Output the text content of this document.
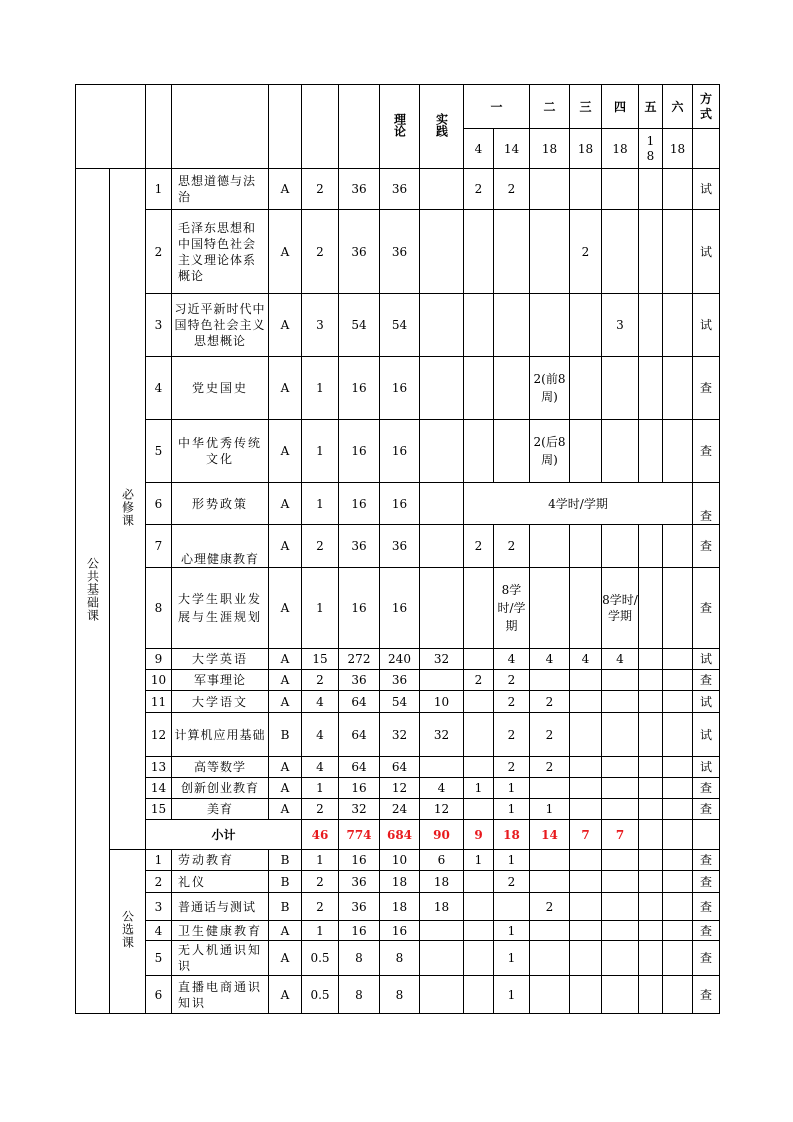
							理论	实践	一		二	三	四	五	六	方式
									4	14	18	18	18	18	18	
公共基础课	必修课	1	思想道德与法治	A	2	36	36		2	2						试
		2	毛泽东思想和中国特色社会主义理论体系概论	A	2	36	36					2				试
		3	习近平新时代中国特色社会主义思想概论	A	3	54	54						3			试
		4	党史国史	A	1	16	16				2(前8周)					查
		5	中华优秀传统文化	A	1	16	16				2(后8周)					查
		6	形势政策	A	1	16	16		4学时/学期							查
		7	心理健康教育	A	2	36	36		2	2						查
		8	大学生职业发展与生涯规划	A	1	16	16			8学时/学期			8学时/学期			查
		9	大学英语	A	15	272	240	32		4	4	4	4			试
		10	军事理论	A	2	36	36		2	2						查
		11	大学语文	A	4	64	54	10		2	2					试
		12	计算机应用基础	B	4	64	32	32		2	2					试
		13	高等数学	A	4	64	64			2	2					试
		14	创新创业教育	A	1	16	12	4	1	1						查
		15	美育	A	2	32	24	12		1	1					查
		小计			46	774	684	90	9	18	14	7	7			
	公选课	1	劳动教育	B	1	16	10	6	1	1						查
		2	礼仪	B	2	36	18	18		2						查
		3	普通话与测试	B	2	36	18	18			2					查
		4	卫生健康教育	A	1	16	16			1						查
		5	无人机通识知识	A	0.5	8	8			1						查
		6	直播电商通识知识	A	0.5	8	8			1						查
